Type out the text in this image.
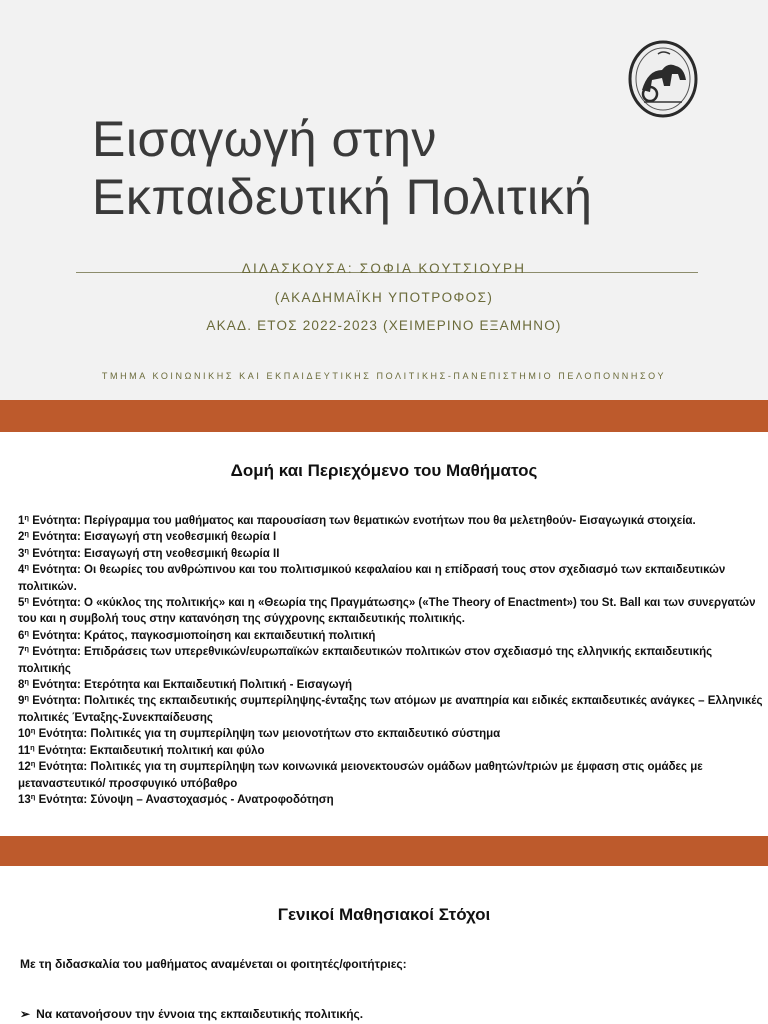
Εισαγωγή στην
Εκπαιδευτική Πολιτική
ΔΙΔΑΣΚΟΥΣΑ: ΣΟΦΙΑ ΚΟΥΤΣΙΟΥΡΗ
(ΑΚΑΔΗΜΑΪΚΗ ΥΠΟΤΡΟΦΟΣ)
ΑΚΑΔ. ΕΤΟΣ 2022-2023 (ΧΕΙΜΕΡΙΝΟ ΕΞΑΜΗΝΟ)
ΤΜΗΜΑ ΚΟΙΝΩΝΙΚΗΣ ΚΑΙ ΕΚΠΑΙΔΕΥΤΙΚΗΣ ΠΟΛΙΤΙΚΗΣ-ΠΑΝΕΠΙΣΤΗΜΙΟ ΠΕΛΟΠΟΝΝΗΣΟΥ
Δομή και Περιεχόμενο του Μαθήματος
$1^\eta$ Ενότητα: Περίγραμμα του μαθήματος και παρουσίαση των θεματικών ενοτήτων που θα μελετηθούν- Εισαγωγικά στοιχεία.
$2^\eta$ Ενότητα: Εισαγωγή στη νεοθεσμική θεωρία Ι
$3^\eta$ Ενότητα: Εισαγωγή στη νεοθεσμική θεωρία ΙΙ
$4^\eta$ Ενότητα: Οι θεωρίες του ανθρώπινου και του πολιτισμικού κεφαλαίου και η επίδρασή τους στον σχεδιασμό των εκπαιδευτικών πολιτικών.
$5^\eta$ Ενότητα: Ο «κύκλος της πολιτικής» και η «Θεωρία της Πραγμάτωσης» («The Theory of Enactment») του St. Ball και των συνεργατών του και η συμβολή τους στην κατανόηση της σύγχρονης εκπαιδευτικής πολιτικής.
$6^\eta$ Ενότητα: Κράτος, παγκοσμιοποίηση και εκπαιδευτική πολιτική
$7^\eta$ Ενότητα: Επιδράσεις των υπερεθνικών/ευρωπαϊκών εκπαιδευτικών πολιτικών στον σχεδιασμό της ελληνικής εκπαιδευτικής πολιτικής
$8^\eta$ Ενότητα: Ετερότητα και Εκπαιδευτική Πολιτική - Εισαγωγή
$9^\eta$ Ενότητα: Πολιτικές της εκπαιδευτικής συμπερίληψης-ένταξης των ατόμων με αναπηρία και ειδικές εκπαιδευτικές ανάγκες – Ελληνικές πολιτικές Ένταξης-Συνεκπαίδευσης
$10^\eta$ Ενότητα: Πολιτικές για τη συμπερίληψη των μειονοτήτων στο εκπαιδευτικό σύστημα
$11^\eta$ Ενότητα: Εκπαιδευτική πολιτική και φύλο
$12^\eta$ Ενότητα: Πολιτικές για τη συμπερίληψη των κοινωνικά μειονεκτουσών ομάδων μαθητών/τριών με έμφαση στις ομάδες με μεταναστευτικό/ προσφυγικό υπόβαθρο
$13^\eta$ Ενότητα: Σύνοψη – Αναστοχασμός - Ανατροφοδότηση
Γενικοί Μαθησιακοί Στόχοι
Με τη διδασκαλία του μαθήματος αναμένεται οι φοιτητές/φοιτήτριες:
➢ Να κατανοήσουν την έννοια της εκπαιδευτικής πολιτικής.
